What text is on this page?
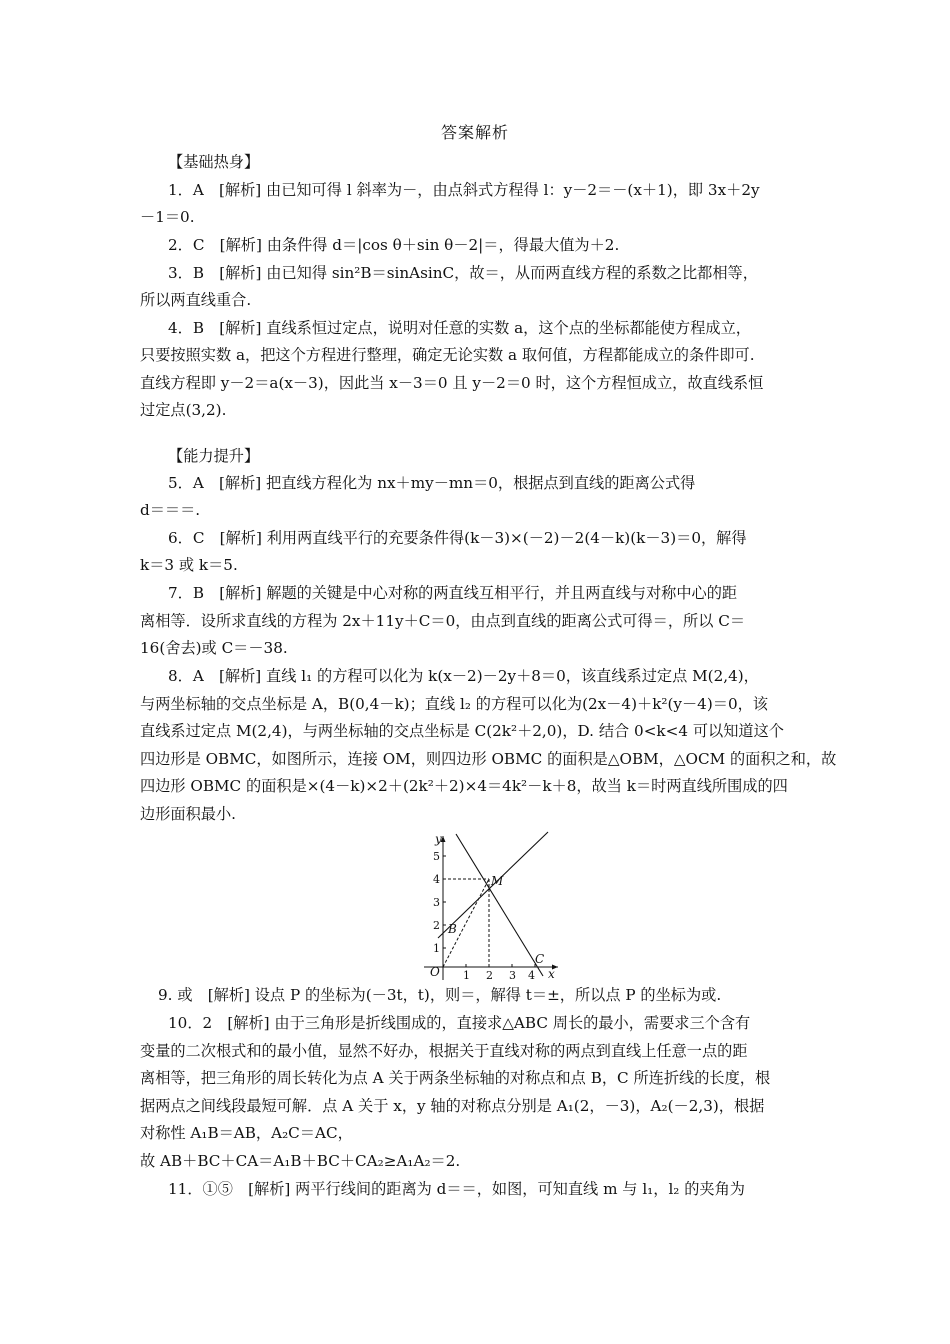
答案解析
【基础热身】
1．A　[解析] 由已知可得 l 斜率为－，由点斜式方程得 l：y－2＝－(x＋1)，即 3x＋2y
－1＝0.
2．C　[解析] 由条件得 d＝|cos θ＋sin θ－2|＝，得最大值为＋2.
3．B　[解析] 由已知得 sin²B＝sinAsinC，故＝，从而两直线方程的系数之比都相等，
所以两直线重合.
4．B　[解析] 直线系恒过定点，说明对任意的实数 a，这个点的坐标都能使方程成立，
只要按照实数 a，把这个方程进行整理，确定无论实数 a 取何值，方程都能成立的条件即可.
直线方程即 y－2＝a(x－3)，因此当 x－3＝0 且 y－2＝0 时，这个方程恒成立，故直线系恒
过定点(3,2).
【能力提升】
5．A　[解析] 把直线方程化为 nx＋my－mn＝0，根据点到直线的距离公式得
d＝＝＝.
6．C　[解析] 利用两直线平行的充要条件得(k－3)×(－2)－2(4－k)(k－3)＝0，解得
k＝3 或 k＝5.
7．B　[解析] 解题的关键是中心对称的两直线互相平行，并且两直线与对称中心的距
离相等．设所求直线的方程为 2x＋11y＋C＝0，由点到直线的距离公式可得＝，所以 C＝
16(舍去)或 C＝－38.
8．A　[解析] 直线 l₁ 的方程可以化为 k(x－2)－2y＋8＝0，该直线系过定点 M(2,4)，
与两坐标轴的交点坐标是 A，B(0,4－k)；直线 l₂ 的方程可以化为(2x－4)＋k²(y－4)＝0，该
直线系过定点 M(2,4)，与两坐标轴的交点坐标是 C(2k²＋2,0)，D. 结合 0<k<4 可以知道这个
四边形是 OBMC，如图所示，连接 OM，则四边形 OBMC 的面积是△OBM，△OCM 的面积之和，故
四边形 OBMC 的面积是×(4－k)×2＋(2k²＋2)×4＝4k²－k＋8，故当 k＝时两直线所围成的四
边形面积最小.
y
x
O
M
B
C
1
2
3
4
5
1 2 3 4
9. 或　[解析] 设点 P 的坐标为(－3t，t)，则＝，解得 t＝±，所以点 P 的坐标为或.
10．2　[解析] 由于三角形是折线围成的，直接求△ABC 周长的最小，需要求三个含有
变量的二次根式和的最小值，显然不好办，根据关于直线对称的两点到直线上任意一点的距
离相等，把三角形的周长转化为点 A 关于两条坐标轴的对称点和点 B，C 所连折线的长度，根
据两点之间线段最短可解．点 A 关于 x，y 轴的对称点分别是 A₁(2，－3)，A₂(－2,3)，根据
对称性 A₁B＝AB，A₂C＝AC，
故 AB＋BC＋CA＝A₁B＋BC＋CA₂≥A₁A₂＝2.
11．①⑤　[解析] 两平行线间的距离为 d＝＝，如图，可知直线 m 与 l₁，l₂ 的夹角为
